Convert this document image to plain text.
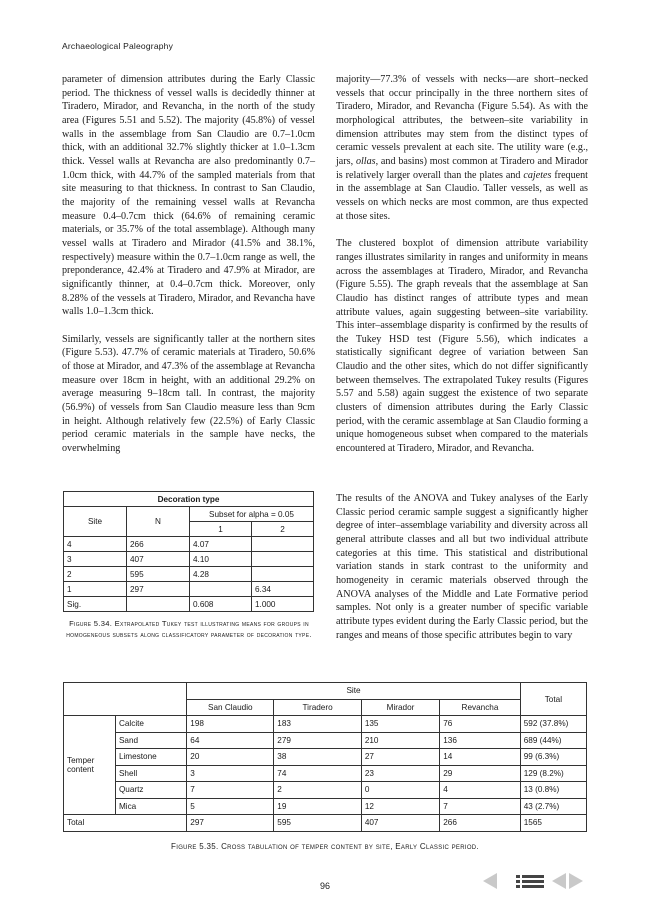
Archaeological Paleography

parameter of dimension attributes during the Early Classic period. The thickness of vessel walls is decidedly thinner at Tiradero, Mirador, and Revancha, in the north of the study area (Figures 5.51 and 5.52). The majority (45.8%) of vessel walls in the assemblage from San Claudio are 0.7–1.0cm thick, with an additional 32.7% slightly thicker at 1.0–1.3cm thick. Vessel walls at Revancha are also predominantly 0.7–1.0cm thick, with 44.7% of the sampled materials from that site measuring to that thickness. In contrast to San Claudio, the majority of the remaining vessel walls at Revancha measure 0.4–0.7cm thick (64.6% of remaining ceramic materials, or 35.7% of the total assemblage). Although many vessel walls at Tiradero and Mirador (41.5% and 38.1%, respectively) measure within the 0.7–1.0cm range as well, the preponderance, 42.4% at Tiradero and 47.9% at Mirador, are significantly thinner, at 0.4–0.7cm thick. Moreover, only 8.28% of the vessels at Tiradero, Mirador, and Revancha have walls 1.0–1.3cm thick.

Similarly, vessels are significantly taller at the northern sites (Figure 5.53). 47.7% of ceramic materials at Tiradero, 50.6% of those at Mirador, and 47.3% of the assemblage at Revancha measure over 18cm in height, with an additional 29.2% on average measuring 9–18cm tall. In contrast, the majority (56.9%) of vessels from San Claudio measure less than 9cm in height. Although relatively few (22.5%) of Early Classic period ceramic materials in the sample have necks, the overwhelming

majority—77.3% of vessels with necks—are short–necked vessels that occur principally in the three northern sites of Tiradero, Mirador, and Revancha (Figure 5.54). As with the morphological attributes, the between–site variability in dimension attributes may stem from the distinct types of ceramic vessels prevalent at each site. The utility ware (e.g., jars, ollas, and basins) most common at Tiradero and Mirador is relatively larger overall than the plates and cajetes frequent in the assemblage at San Claudio. Taller vessels, as well as vessels on which necks are most common, are thus expected at those sites.

The clustered boxplot of dimension attribute variability ranges illustrates similarity in ranges and uniformity in means across the assemblages at Tiradero, Mirador, and Revancha (Figure 5.55). The graph reveals that the assemblage at San Claudio has distinct ranges of attribute types and mean attribute values, again suggesting between–site variability. This inter–assemblage disparity is confirmed by the results of the Tukey HSD test (Figure 5.56), which indicates a statistically significant degree of variation between San Claudio and the other sites, which do not differ significantly between themselves. The extrapolated Tukey results (Figures 5.57 and 5.58) again suggest the existence of two separate clusters of dimension attributes during the Early Classic period, with the ceramic assemblage at San Claudio forming a unique homogeneous subset when compared to the materials encountered at Tiradero, Mirador, and Revancha.

The results of the ANOVA and Tukey analyses of the Early Classic period ceramic sample suggest a significantly higher degree of inter–assemblage variability and diversity across all general attribute classes and all but two individual attribute categories at this time. This statistical and distributional variation stands in stark contrast to the uniformity and homogeneity in ceramic materials observed through the ANOVA analyses of the Middle and Late Formative period samples. Not only is a greater number of specific variable attribute types evident during the Early Classic period, but the ranges and means of those specific attributes begin to vary

Decoration type			
Site	N	Subset for alpha = 0.05	
		1	2
4	266	4.07	
3	407	4.10	
2	595	4.28	
1	297		6.34
Sig.		0.608	1.000
Figure 5.34. Extrapolated Tukey test illustrating means for groups in homogeneous subsets along classificatory parameter of decoration type.
		Site				Total
		San Claudio	Tiradero	Mirador	Revancha	
Temper content	Calcite	198	183	135	76	592 (37.8%)
	Sand	64	279	210	136	689 (44%)
	Limestone	20	38	27	14	99 (6.3%)
	Shell	3	74	23	29	129 (8.2%)
	Quartz	7	2	0	4	13 (0.8%)
	Mica	5	19	12	7	43 (2.7%)
Total		297	595	407	266	1565
Figure 5.35. Cross tabulation of temper content by site, Early Classic period.
96
